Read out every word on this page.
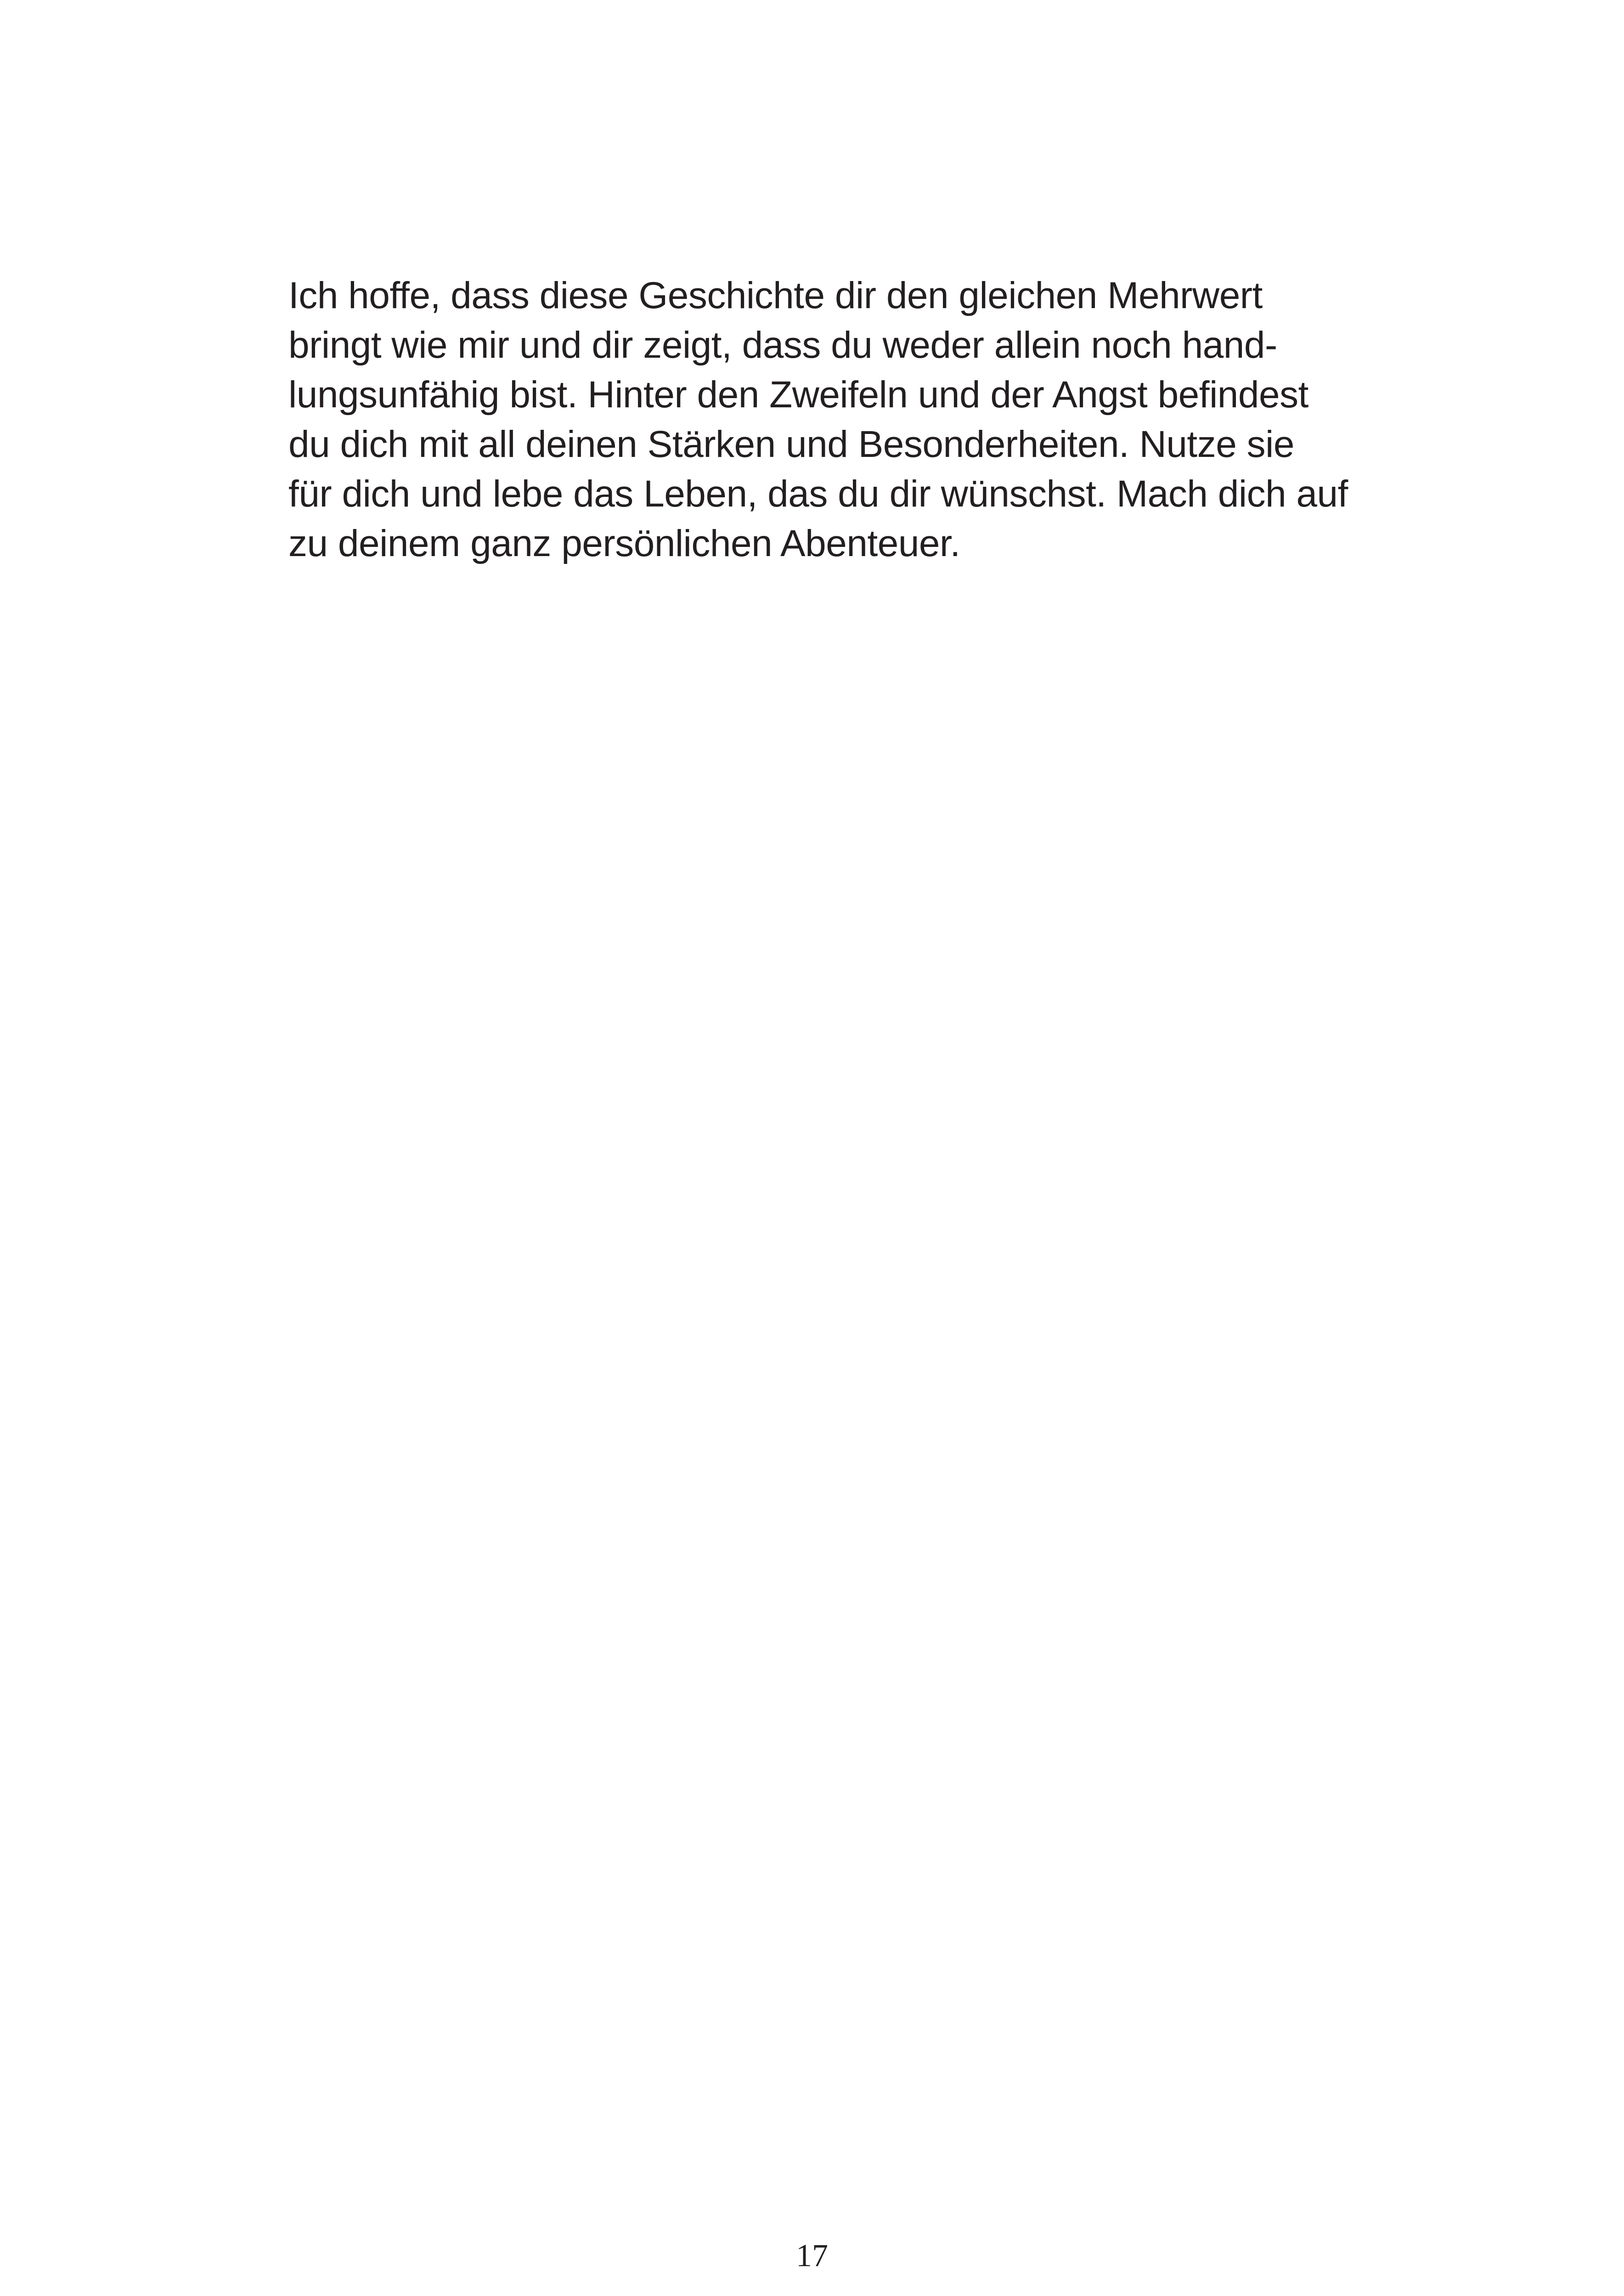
Ich hoffe, dass diese Geschichte dir den gleichen Mehrwert
bringt wie mir und dir zeigt, dass du weder allein noch hand-
lungsunfähig bist. Hinter den Zweifeln und der Angst befindest
du dich mit all deinen Stärken und Besonderheiten. Nutze sie
für dich und lebe das Leben, das du dir wünschst. Mach dich auf
zu deinem ganz persönlichen Abenteuer.

17
